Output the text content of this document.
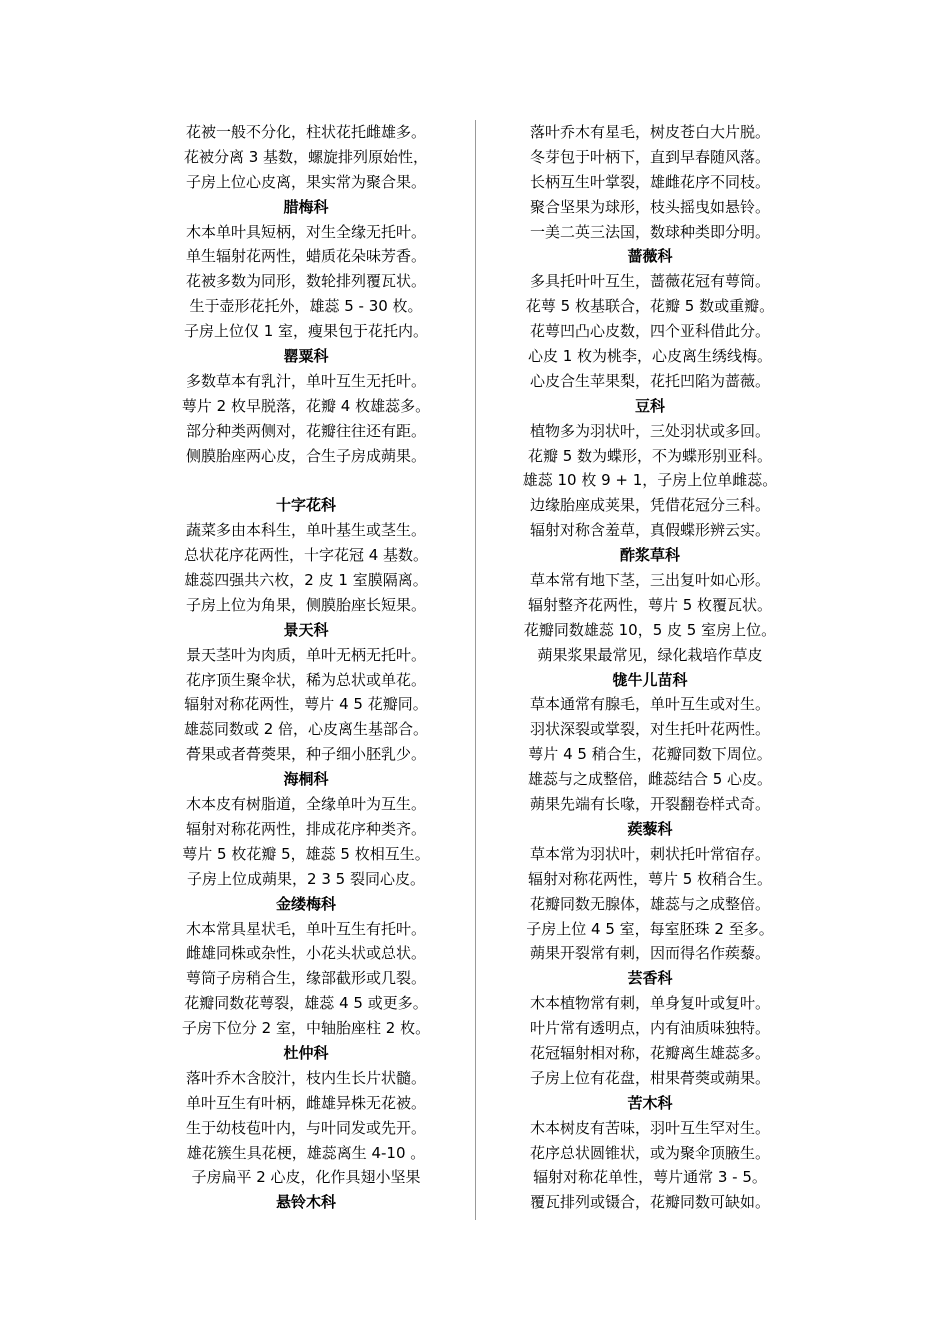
花被一般不分化，柱状花托雌雄多。
花被分离 3 基数，螺旋排列原始性，
子房上位心皮离，果实常为聚合果。
腊梅科
木本单叶具短柄，对生全缘无托叶。
单生辐射花两性，蜡质花朵味芳香。
花被多数为同形，数轮排列覆瓦状。
生于壶形花托外，雄蕊 5 - 30 枚。
子房上位仅 1 室，瘦果包于花托内。
罂粟科
多数草本有乳汁，单叶互生无托叶。
萼片 2 枚早脱落，花瓣 4 枚雄蕊多。
部分种类两侧对，花瓣往往还有距。
侧膜胎座两心皮，合生子房成蒴果。
十字花科
蔬菜多由本科生，单叶基生或茎生。
总状花序花两性，十字花冠 4 基数。
雄蕊四强共六枚，2 皮 1 室膜隔离。
子房上位为角果，侧膜胎座长短果。
景天科
景天茎叶为肉质，单叶无柄无托叶。
花序顶生聚伞状，稀为总状或单花。
辐射对称花两性，萼片 4 5 花瓣同。
雄蕊同数或 2 倍，心皮离生基部合。
蓇果或者蓇葖果，种子细小胚乳少。
海桐科
木本皮有树脂道，全缘单叶为互生。
辐射对称花两性，排成花序种类齐。
萼片 5 枚花瓣 5，雄蕊 5 枚相互生。
子房上位成蒴果，2 3 5 裂同心皮。
金缕梅科
木本常具星状毛，单叶互生有托叶。
雌雄同株或杂性，小花头状或总状。
萼筒子房稍合生，缘部截形或几裂。
花瓣同数花萼裂，雄蕊 4 5 或更多。
子房下位分 2 室，中轴胎座柱 2 枚。
杜仲科
落叶乔木含胶汁，枝内生长片状髓。
单叶互生有叶柄，雌雄异株无花被。
生于幼枝苞叶内，与叶同发或先开。
雄花簇生具花梗，雄蕊离生 4-10 。
子房扁平 2 心皮，化作具翅小坚果
悬铃木科
落叶乔木有星毛，树皮苍白大片脱。
冬芽包于叶柄下，直到早春随风落。
长柄互生叶掌裂，雄雌花序不同枝。
聚合坚果为球形，枝头摇曳如悬铃。
一美二英三法国，数球种类即分明。
蔷薇科
多具托叶叶互生，蔷薇花冠有萼筒。
花萼 5 枚基联合，花瓣 5 数或重瓣。
花萼凹凸心皮数，四个亚科借此分。
心皮 1 枚为桃李，心皮离生绣线梅。
心皮合生苹果梨，花托凹陷为蔷薇。
豆科
植物多为羽状叶，三处羽状或多回。
花瓣 5 数为蝶形，不为蝶形别亚科。
雄蕊 10 枚 9 + 1，子房上位单雌蕊。
边缘胎座成荚果，凭借花冠分三科。
辐射对称含羞草，真假蝶形辨云实。
酢浆草科
草本常有地下茎，三出复叶如心形。
辐射整齐花两性，萼片 5 枚覆瓦状。
花瓣同数雄蕊 10，5 皮 5 室房上位。
蒴果浆果最常见，绿化栽培作草皮
牻牛儿苗科
草本通常有腺毛，单叶互生或对生。
羽状深裂或掌裂，对生托叶花两性。
萼片 4 5 稍合生，花瓣同数下周位。
雄蕊与之成整倍，雌蕊结合 5 心皮。
蒴果先端有长喙，开裂翻卷样式奇。
蒺藜科
草本常为羽状叶，刺状托叶常宿存。
辐射对称花两性，萼片 5 枚稍合生。
花瓣同数无腺体，雄蕊与之成整倍。
子房上位 4 5 室，每室胚珠 2 至多。
蒴果开裂常有刺，因而得名作蒺藜。
芸香科
木本植物常有刺，单身复叶或复叶。
叶片常有透明点，内有油质味独特。
花冠辐射相对称，花瓣离生雄蕊多。
子房上位有花盘，柑果蓇葖或蒴果。
苦木科
木本树皮有苦味，羽叶互生罕对生。
花序总状圆锥状，或为聚伞顶腋生。
辐射对称花单性，萼片通常 3 - 5。
覆瓦排列或镊合，花瓣同数可缺如。
